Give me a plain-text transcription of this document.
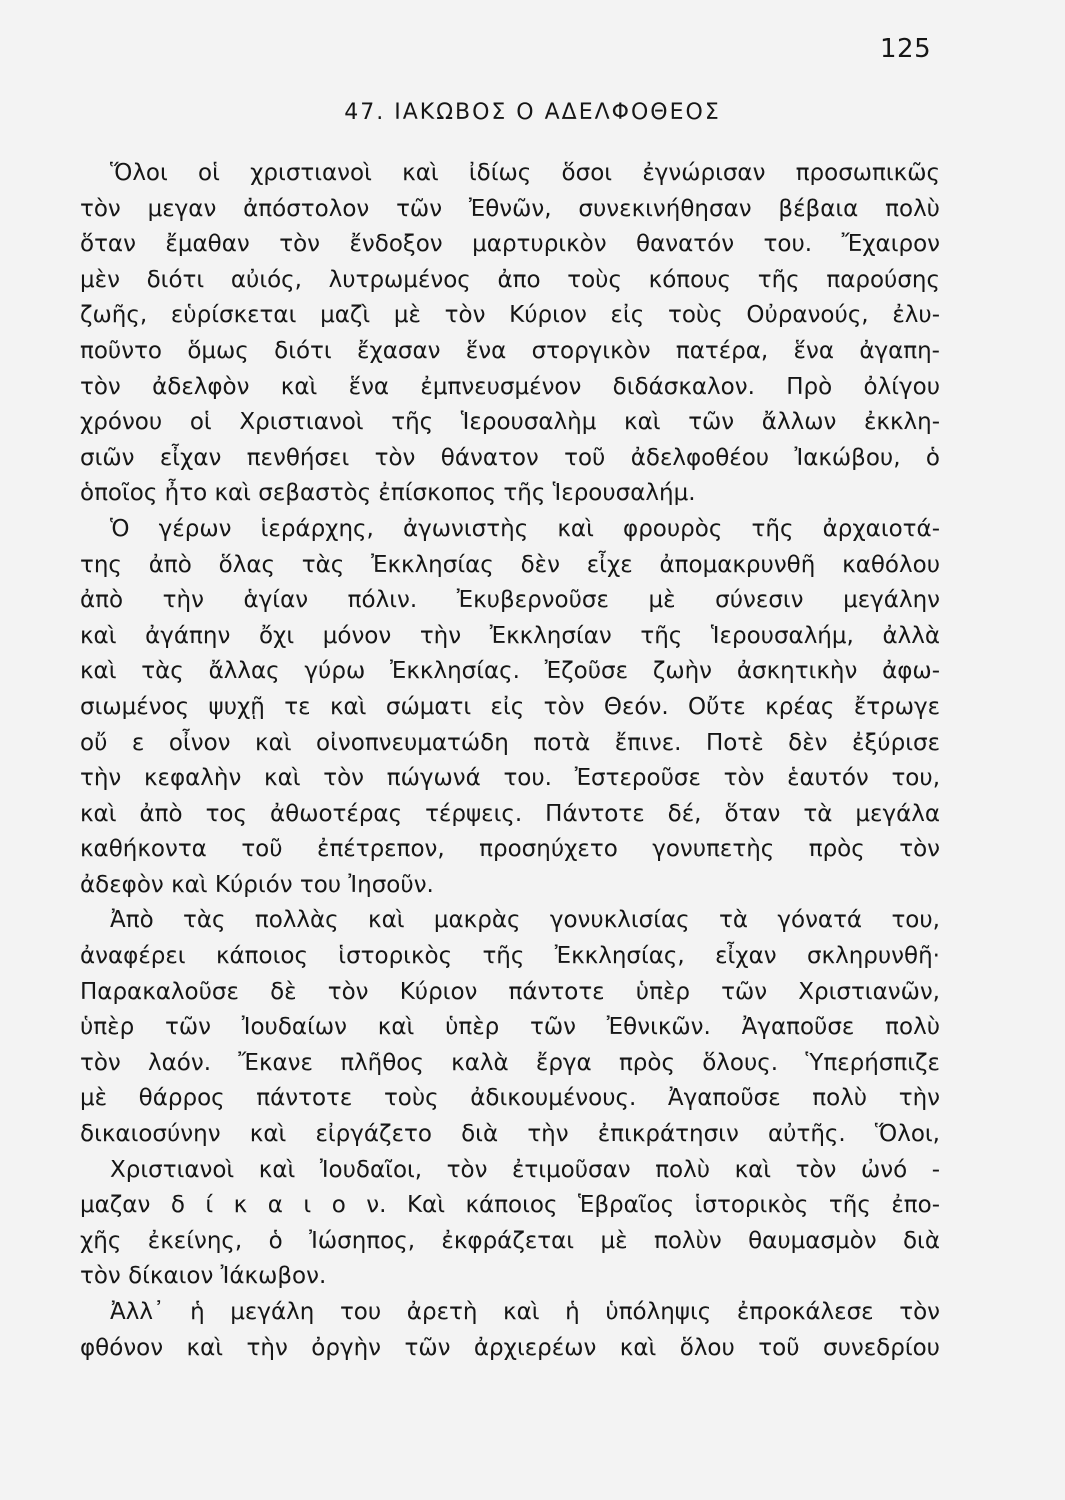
125
47. ΙΑΚΩΒΟΣ Ο ΑΔΕΛΦΟΘΕΟΣ
Ὅλοι οἱ χριστιανοὶ καὶ ἰδίως ὅσοι ἐγνώρισαν προσωπικῶς
τὸν μεγαν ἀπόστολον τῶν Ἐθνῶν, συνεκινήθησαν βέβαια πολὺ
ὅταν ἔμαθαν τὸν ἔνδοξον μαρτυρικὸν θανατόν του. Ἔχαιρον
μὲν διότι αὐιός, λυτρωμένος ἀπο τοὺς κόπους τῆς παρούσης
ζωῆς, εὑρίσκεται μαζὶ μὲ τὸν Κύριον εἰς τοὺς Οὐρανούς, ἐλυ-
ποῦντο ὅμως διότι ἔχασαν ἕνα στοργικὸν πατέρα, ἕνα ἀγαπη-
τὸν ἀδελφὸν καὶ ἕνα ἐμπνευσμένον διδάσκαλον. Πρὸ ὀλίγου
χρόνου οἱ Χριστιανοὶ τῆς Ἱερουσαλὴμ καὶ τῶν ἄλλων ἐκκλη-
σιῶν εἶχαν πενθήσει τὸν θάνατον τοῦ ἀδελφοθέου Ἰακώβου, ὁ
ὁποῖος ἦτο καὶ σεβαστὸς ἐπίσκοπος τῆς Ἱερουσαλήμ.
Ὁ γέρων ἱεράρχης, ἀγωνιστὴς καὶ φρουρὸς τῆς ἀρχαιοτά-
της ἀπὸ ὅλας τὰς Ἐκκλησίας δὲν εἶχε ἀπομακρυνθῆ καθόλου
ἀπὸ τὴν ἁγίαν πόλιν. Ἐκυβερνοῦσε μὲ σύνεσιν μεγάλην
καὶ ἀγάπην ὄχι μόνον τὴν Ἐκκλησίαν τῆς Ἱερουσαλήμ, ἀλλὰ
καὶ τὰς ἄλλας γύρω Ἐκκλησίας. Ἐζοῦσε ζωὴν ἀσκητικὴν ἀφω-
σιωμένος ψυχῇ τε καὶ σώματι εἰς τὸν Θεόν. Οὔτε κρέας ἔτρωγε
οὔ ε οἶνον καὶ οἰνοπνευματώδη ποτὰ ἔπινε. Ποτὲ δὲν ἐξύρισε
τὴν κεφαλὴν καὶ τὸν πώγωνά του. Ἐστεροῦσε τὸν ἑαυτόν του,
καὶ ἀπὸ τος ἀθωοτέρας τέρψεις. Πάντοτε δέ, ὅταν τὰ μεγάλα
καθήκοντα τοῦ ἐπέτρεπον, προσηύχετο γονυπετὴς πρὸς τὸν
ἀδεφὸν καὶ Κύριόν του Ἰησοῦν.
Ἀπὸ τὰς πολλὰς καὶ μακρὰς γονυκλισίας τὰ γόνατά του,
ἀναφέρει κάποιος ἱστορικὸς τῆς Ἐκκλησίας, εἶχαν σκληρυνθῆ·
Παρακαλοῦσε δὲ τὸν Κύριον πάντοτε ὑπὲρ τῶν Χριστιανῶν,
ὑπὲρ τῶν Ἰουδαίων καὶ ὑπὲρ τῶν Ἐθνικῶν. Ἀγαποῦσε πολὺ
τὸν λαόν. Ἔκανε πλῆθος καλὰ ἔργα πρὸς ὅλους. Ὑπερήσπιζε
μὲ θάρρος πάντοτε τοὺς ἀδικουμένους. Ἀγαποῦσε πολὺ τὴν
δικαιοσύνην καὶ εἰργάζετο διὰ τὴν ἐπικράτησιν αὐτῆς. Ὅλοι,
Χριστιανοὶ καὶ Ἰουδαῖοι, τὸν ἐτιμοῦσαν πολὺ καὶ τὸν ὠνό -
μαζαν δ ί κ α ι ο ν. Καὶ κάποιος Ἑβραῖος ἱστορικὸς τῆς ἐπο-
χῆς ἐκείνης, ὁ Ἰώσηπος, ἐκφράζεται μὲ πολὺν θαυμασμὸν διὰ
τὸν δίκαιον Ἰάκωβον.
Ἀλλ᾽ ἡ μεγάλη του ἀρετὴ καὶ ἡ ὑπόληψις ἐπροκάλεσε τὸν
φθόνον καὶ τὴν ὀργὴν τῶν ἀρχιερέων καὶ ὅλου τοῦ συνεδρίου
